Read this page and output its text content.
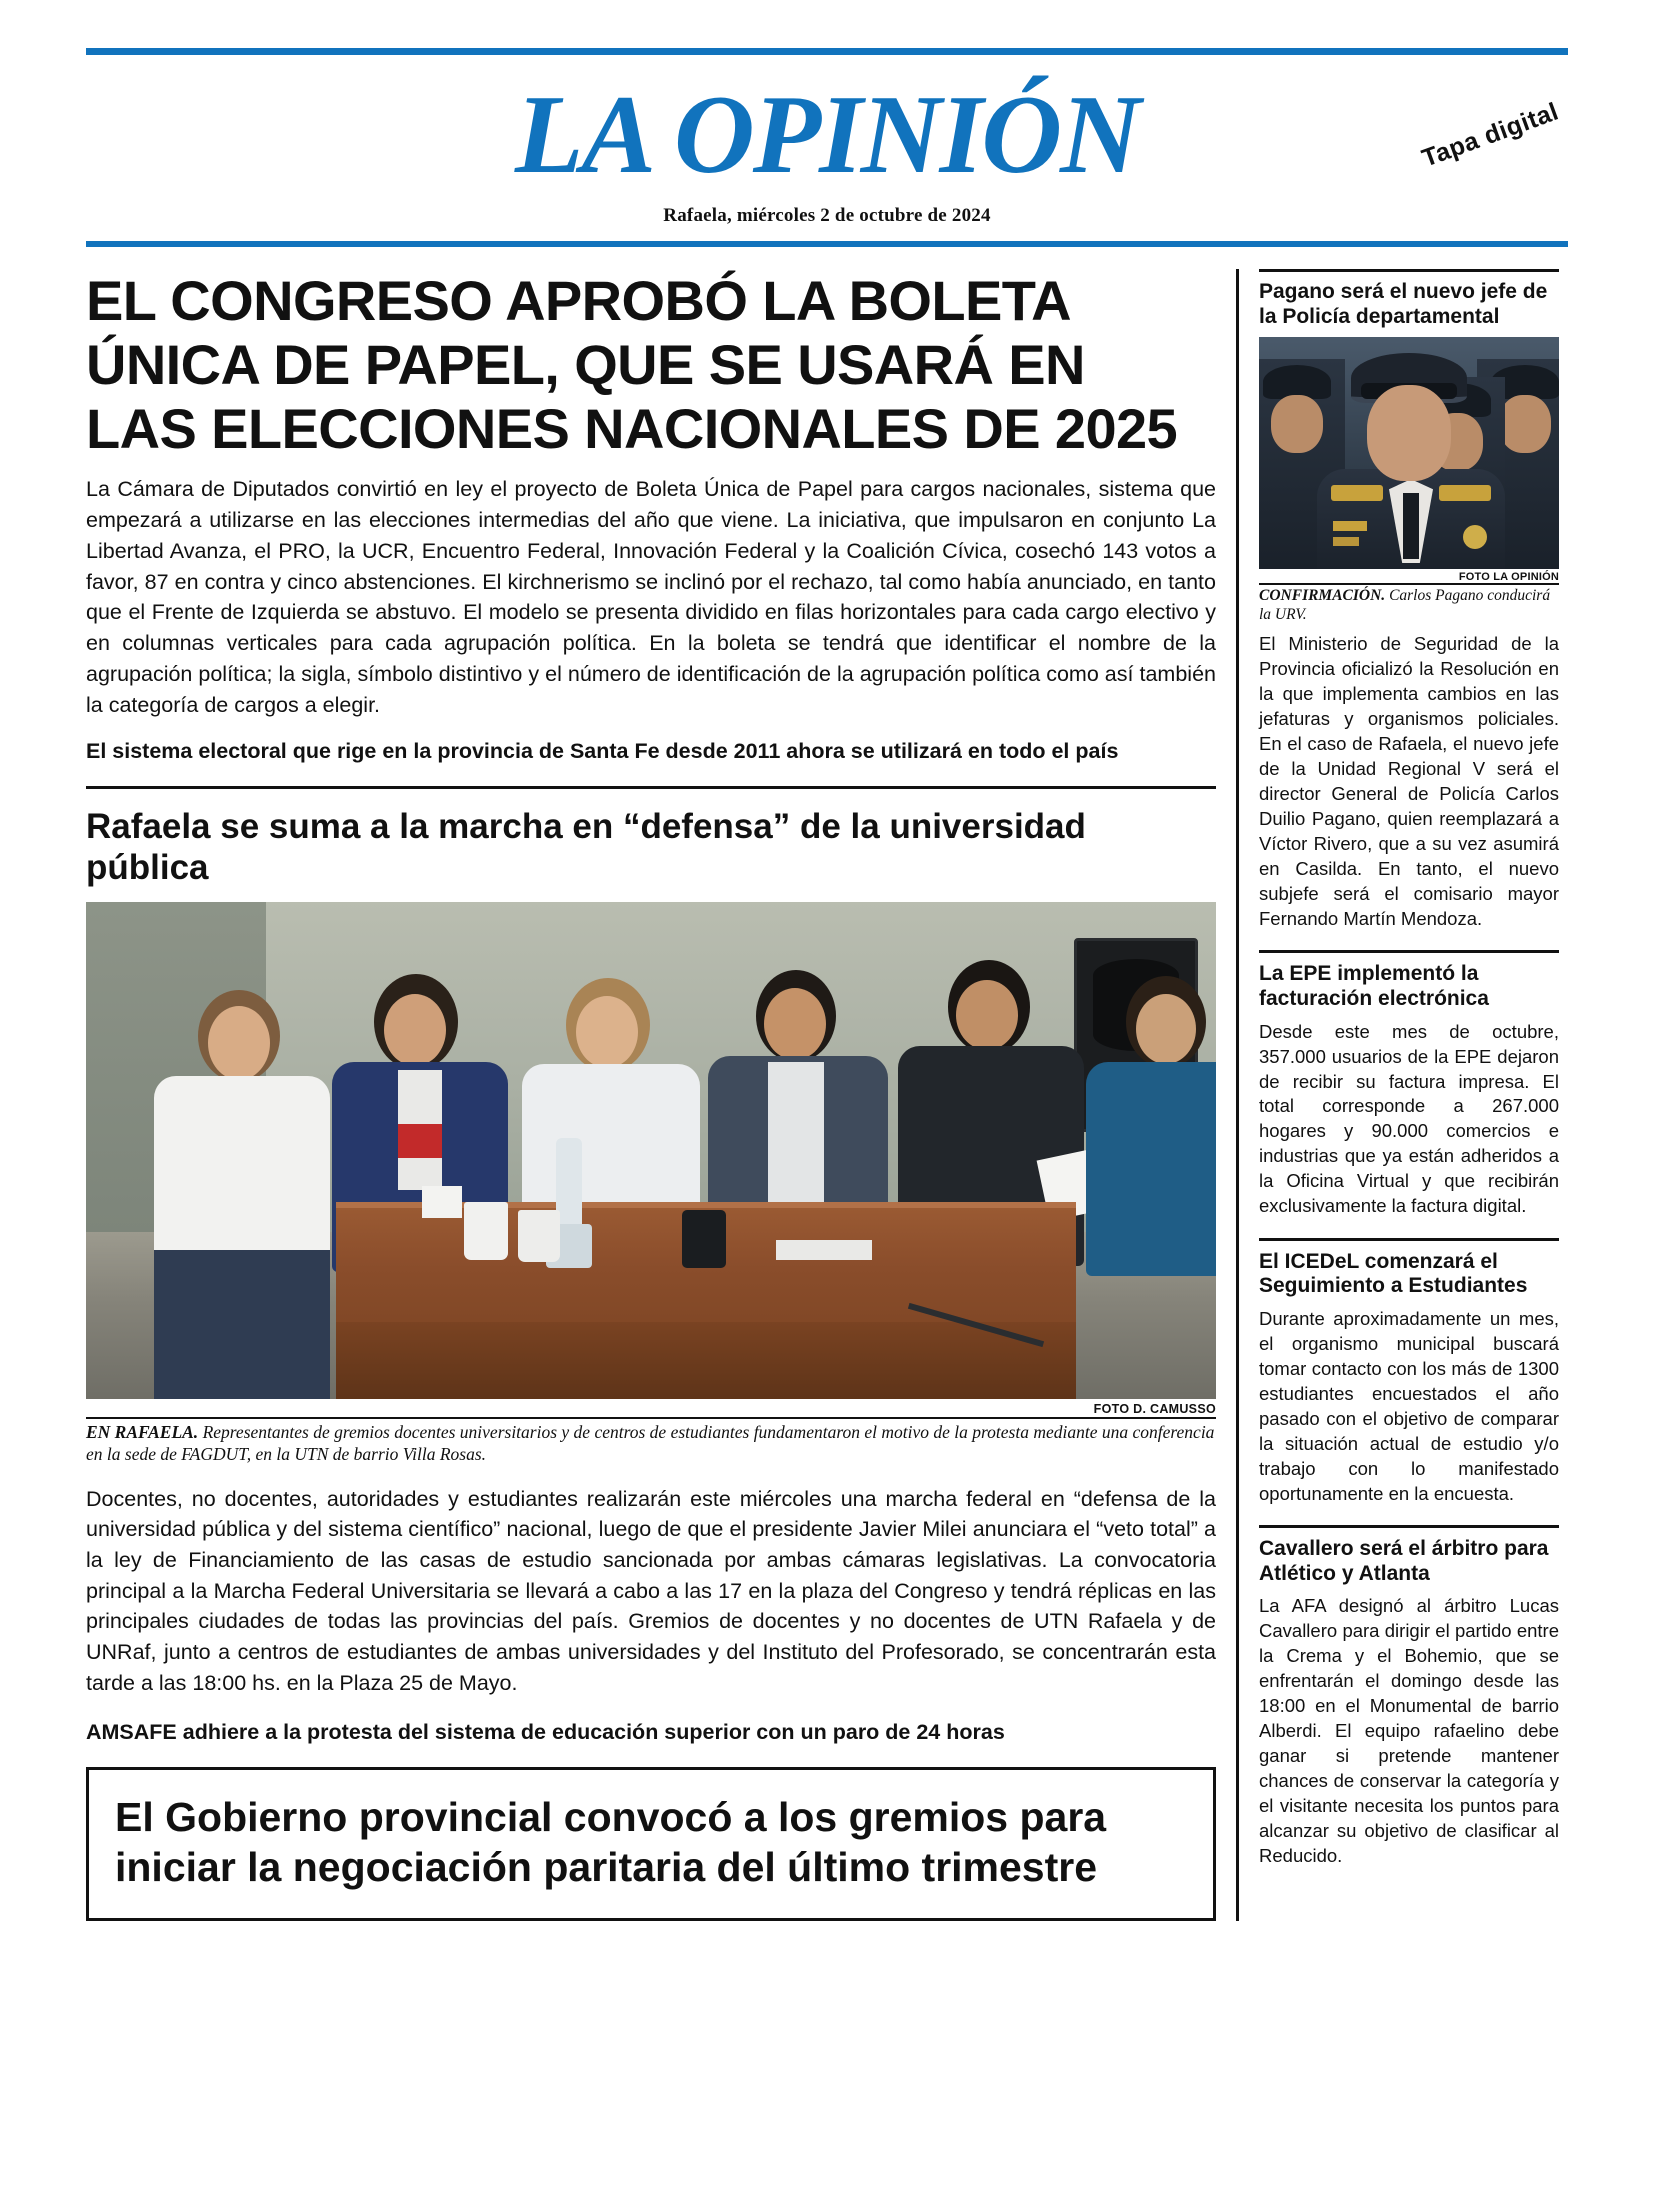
LA OPINIÓN	Tapa digital
Rafaela, miércoles 2 de octubre de 2024
EL CONGRESO APROBÓ LA BOLETA
ÚNICA DE PAPEL, QUE SE USARÁ EN
LAS ELECCIONES NACIONALES DE 2025

La Cámara de Diputados convirtió en ley el proyecto de Boleta Única de Papel para cargos nacionales, sistema que empezará a utilizarse en las elecciones intermedias del año que viene. La iniciativa, que impulsaron en conjunto La Libertad Avanza, el PRO, la UCR, Encuentro Federal, Innovación Federal y la Coalición Cívica, cosechó 143 votos a favor, 87 en contra y cinco abstenciones. El kirchnerismo se inclinó por el rechazo, tal como había anunciado, en tanto que el Frente de Izquierda se abstuvo. El modelo se presenta dividido en filas horizontales para cada cargo electivo y en columnas verticales para cada agrupación política. En la boleta se tendrá que identificar el nombre de la agrupación política; la sigla, símbolo distintivo y el número de identificación de la agrupación política como así también la categoría de cargos a elegir.

El sistema electoral que rige en la provincia de Santa Fe desde 2011 ahora se utilizará en todo el país
Rafaela se suma a la marcha en “defensa” de la universidad pública
FOTO D. CAMUSSO
EN RAFAELA. Representantes de gremios docentes universitarios y de centros de estudiantes fundamentaron el motivo de la protesta mediante una conferencia en la sede de FAGDUT, en la UTN de barrio Villa Rosas.

Docentes, no docentes, autoridades y estudiantes realizarán este miércoles una marcha federal en “defensa de la universidad pública y del sistema científico” nacional, luego de que el presidente Javier Milei anunciara el “veto total” a la ley de Financiamiento de las casas de estudio sancionada por ambas cámaras legislativas. La convocatoria principal a la Marcha Federal Universitaria se llevará a cabo a las 17 en la plaza del Congreso y tendrá réplicas en las principales ciudades de todas las provincias del país. Gremios de docentes y no docentes de UTN Rafaela y de UNRaf, junto a centros de estudiantes de ambas universidades y del Instituto del Profesorado, se concentrarán esta tarde a las 18:00 hs. en la Plaza 25 de Mayo.

AMSAFE adhiere a la protesta del sistema de educación superior con un paro de 24 horas
El Gobierno provincial convocó a los gremios para iniciar la negociación paritaria del último trimestre
Pagano será el nuevo jefe de la Policía departamental
FOTO LA OPINIÓN
CONFIRMACIÓN. Carlos Pagano conducirá la URV.

El Ministerio de Seguridad de la Provincia oficializó la Resolución en la que implementa cambios en las jefaturas y organismos policiales. En el caso de Rafaela, el nuevo jefe de la Unidad Regional V será el director General de Policía Carlos Duilio Pagano, quien reemplazará a Víctor Rivero, que a su vez asumirá en Casilda. En tanto, el nuevo subjefe será el comisario mayor Fernando Martín Mendoza.

La EPE implementó la facturación electrónica

Desde este mes de octubre, 357.000 usuarios de la EPE dejaron de recibir su factura impresa. El total corresponde a 267.000 hogares y 90.000 comercios e industrias que ya están adheridos a la Oficina Virtual y que recibirán exclusivamente la factura digital.

El ICEDeL comenzará el Seguimiento a Estudiantes

Durante aproximadamente un mes, el organismo municipal buscará tomar contacto con los más de 1300 estudiantes encuestados el año pasado con el objetivo de comparar la situación actual de estudio y/o trabajo con lo manifestado oportunamente en la encuesta.

Cavallero será el árbitro para Atlético y Atlanta

La AFA designó al árbitro Lucas Cavallero para dirigir el partido entre la Crema y el Bohemio, que se enfrentarán el domingo desde las 18:00 en el Monumental de barrio Alberdi. El equipo rafaelino debe ganar si pretende mantener chances de conservar la categoría y el visitante necesita los puntos para alcanzar su objetivo de clasificar al Reducido.
